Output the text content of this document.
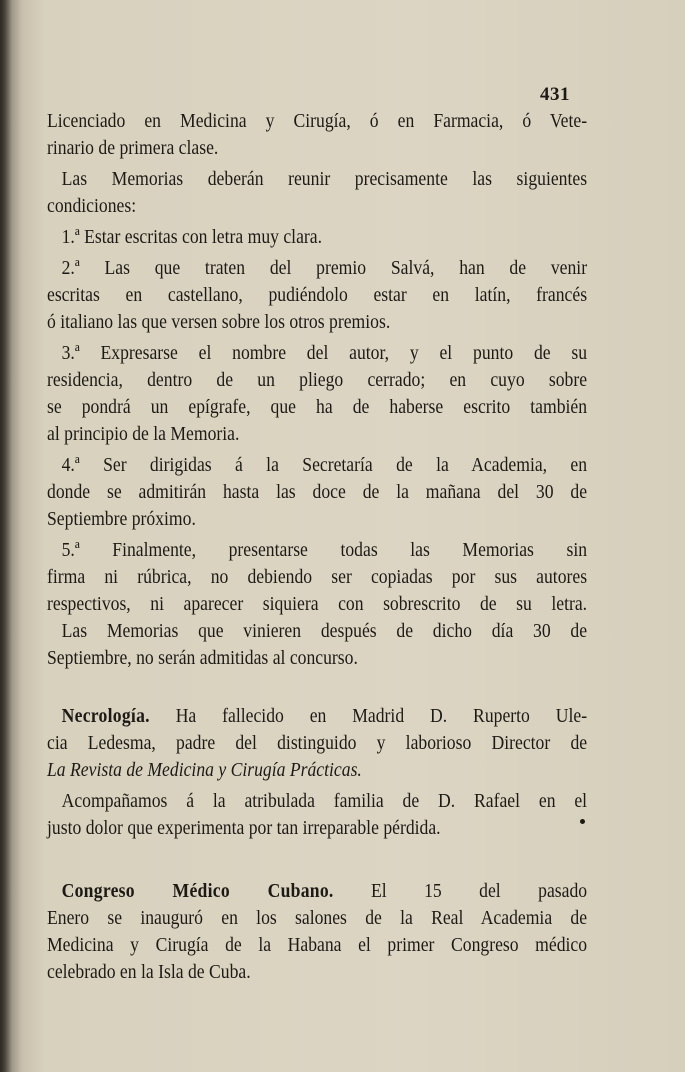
431
Licenciado en Medicina y Cirugía, ó en Farmacia, ó Vete-
rinario de primera clase.
Las Memorias deberán reunir precisamente las siguientes
condiciones:
1.ª Estar escritas con letra muy clara.
2.ª Las que traten del premio Salvá, han de venir
escritas en castellano, pudiéndolo estar en latín, francés
ó italiano las que versen sobre los otros premios.
3.ª Expresarse el nombre del autor, y el punto de su
residencia, dentro de un pliego cerrado; en cuyo sobre
se pondrá un epígrafe, que ha de haberse escrito también
al principio de la Memoria.
4.ª Ser dirigidas á la Secretaría de la Academia, en
donde se admitirán hasta las doce de la mañana del 30 de
Septiembre próximo.
5.ª Finalmente, presentarse todas las Memorias sin
firma ni rúbrica, no debiendo ser copiadas por sus autores
respectivos, ni aparecer siquiera con sobrescrito de su letra.
Las Memorias que vinieren después de dicho día 30 de
Septiembre, no serán admitidas al concurso.
Necrología. Ha fallecido en Madrid D. Ruperto Ule-
cia Ledesma, padre del distinguido y laborioso Director de
La Revista de Medicina y Cirugía Prácticas.
Acompañamos á la atribulada familia de D. Rafael en el
justo dolor que experimenta por tan irreparable pérdida.
Congreso Médico Cubano. El 15 del pasado
Enero se inauguró en los salones de la Real Academia de
Medicina y Cirugía de la Habana el primer Congreso médico
celebrado en la Isla de Cuba.
